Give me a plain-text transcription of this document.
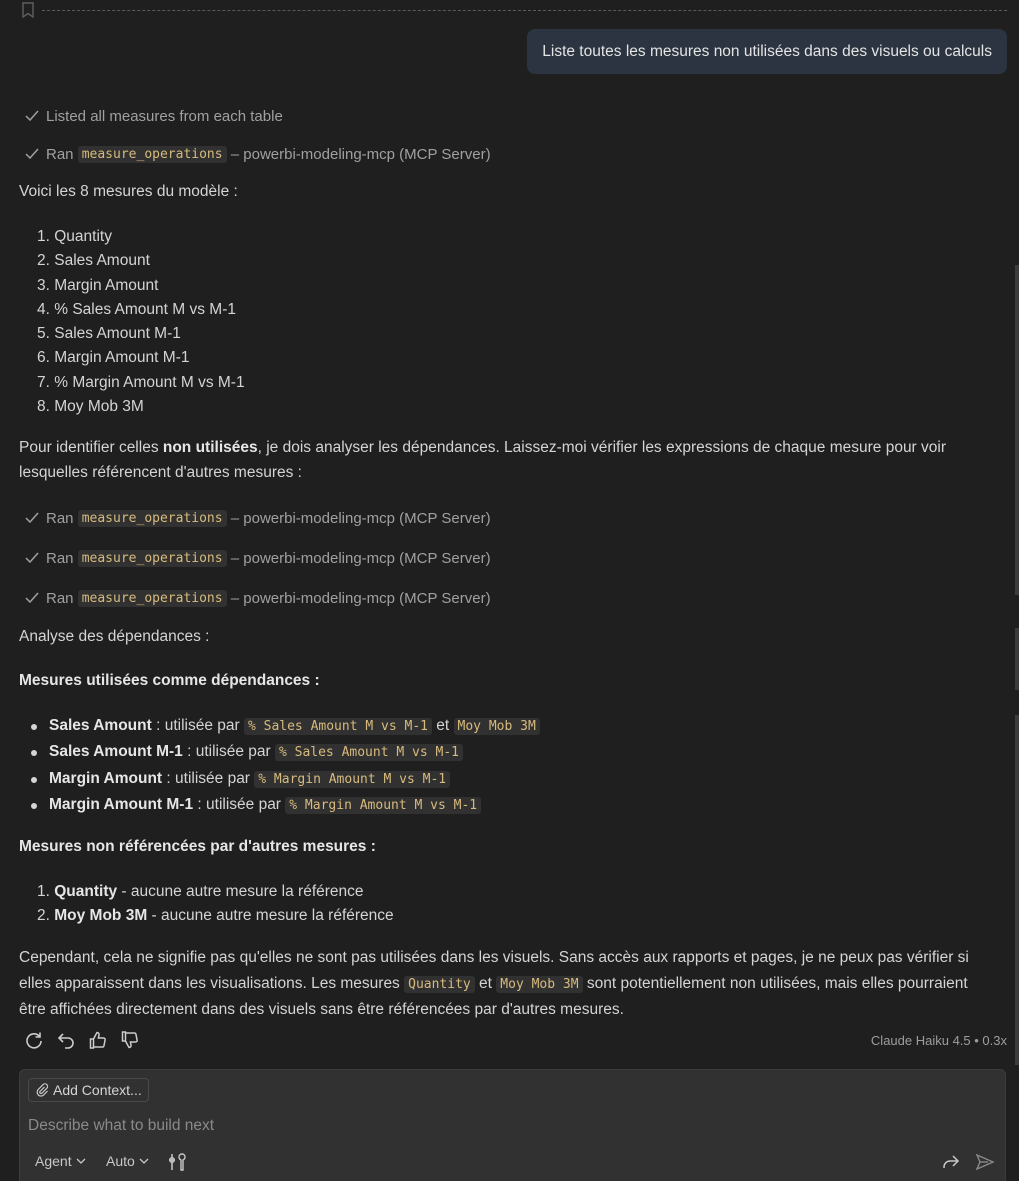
Liste toutes les mesures non utilisées dans des visuels ou calculs
Listed all measures from each table
Ran
measure_operations
– powerbi-modeling-mcp (MCP Server)
Voici les 8 mesures du modèle :
1. Quantity
2. Sales Amount
3. Margin Amount
4. % Sales Amount M vs M-1
5. Sales Amount M-1
6. Margin Amount M-1
7. % Margin Amount M vs M-1
8. Moy Mob 3M
Pour identifier celles non utilisées, je dois analyser les dépendances. Laissez-moi vérifier les expressions de chaque mesure pour voir
lesquelles référencent d'autres mesures :
Ran
measure_operations
– powerbi-modeling-mcp (MCP Server)
Ran
measure_operations
– powerbi-modeling-mcp (MCP Server)
Ran
measure_operations
– powerbi-modeling-mcp (MCP Server)
Analyse des dépendances :
Mesures utilisées comme dépendances :
Sales Amount : utilisée par % Sales Amount M vs M-1 et Moy Mob 3M
Sales Amount M-1 : utilisée par % Sales Amount M vs M-1
Margin Amount : utilisée par % Margin Amount M vs M-1
Margin Amount M-1 : utilisée par % Margin Amount M vs M-1
Mesures non référencées par d'autres mesures :
1. Quantity - aucune autre mesure la référence
2. Moy Mob 3M - aucune autre mesure la référence
Cependant, cela ne signifie pas qu'elles ne sont pas utilisées dans les visuels. Sans accès aux rapports et pages, je ne peux pas vérifier si
elles apparaissent dans les visualisations. Les mesures Quantity et Moy Mob 3M sont potentiellement non utilisées, mais elles pourraient
être affichées directement dans des visuels sans être référencées par d'autres mesures.
Claude Haiku 4.5 • 0.3x
Add Context...
Describe what to build next
Agent Auto
